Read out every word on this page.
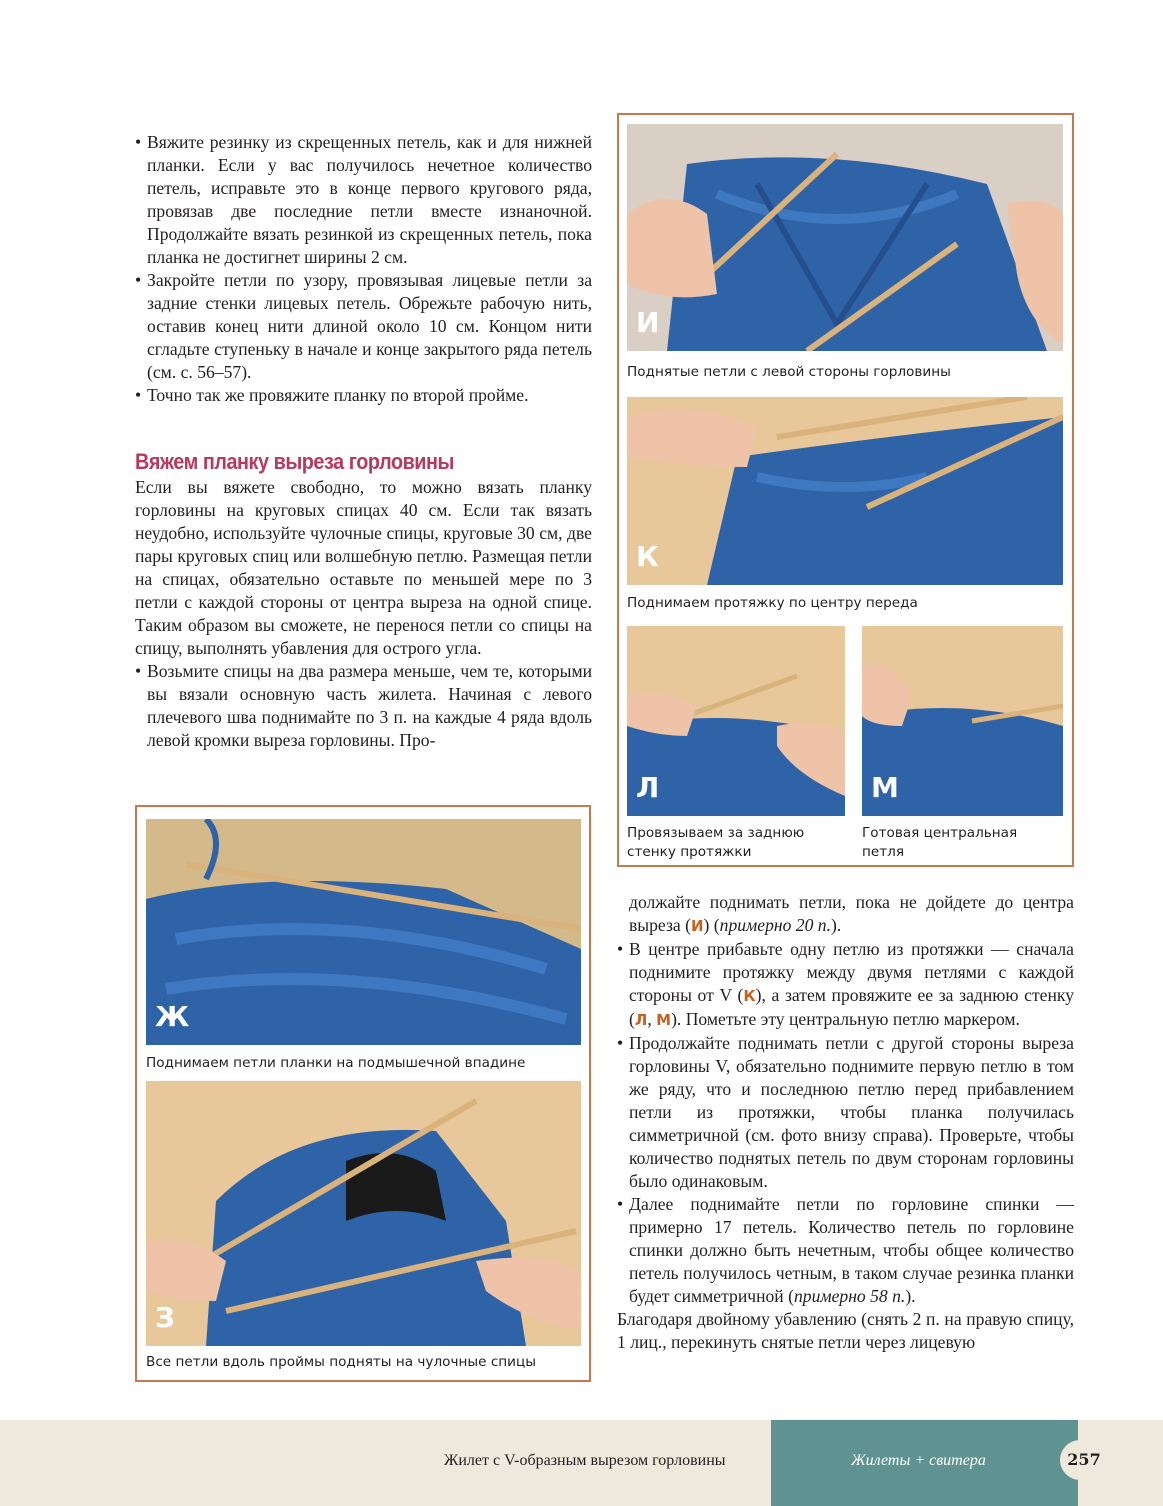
• Вяжите резинку из скрещенных петель, как и для нижней планки. Если у вас получилось нечетное количество петель, исправьте это в конце первого кругового ряда, провязав две последние петли вместе изнаночной. Продолжайте вязать резинкой из скрещенных петель, пока планка не достигнет ширины 2 см.

• Закройте петли по узору, провязывая лицевые петли за задние стенки лицевых петель. Обрежьте рабочую нить, оставив конец нити длиной около 10 см. Концом нити сгладьте ступеньку в начале и конце закрытого ряда петель (см. с. 56–57).

• Точно так же провяжите планку по второй пройме.

Вяжем планку выреза горловины

Если вы вяжете свободно, то можно вязать планку горловины на круговых спицах 40 см. Если так вязать неудобно, используйте чулочные спицы, круговые 30 см, две пары круговых спиц или волшебную петлю. Размещая петли на спицах, обязательно оставьте по меньшей мере по 3 петли с каждой стороны от центра выреза на одной спице. Таким образом вы сможете, не перенося петли со спицы на спицу, выполнять убавления для острого угла.

• Возьмите спицы на два размера меньше, чем те, которыми вы вязали основную часть жилета. Начиная с левого плечевого шва поднимайте по 3 п. на каждые 4 ряда вдоль левой кромки выреза горловины. Про-

И
Поднятые петли с левой стороны горловины
К
Поднимаем протяжку по центру переда
Л
Провязываем за заднюю стенку протяжки
М
Готовая центральная петля
Ж
Поднимаем петли планки на подмышечной впадине
З
Все петли вдоль проймы подняты на чулочные спицы

должайте поднимать петли, пока не дойдете до центра выреза (И) (примерно 20 п.).

• В центре прибавьте одну петлю из протяжки — сначала поднимите протяжку между двумя петлями с каждой стороны от V (К), а затем провяжите ее за заднюю стенку (Л, М). Пометьте эту центральную петлю маркером.

• Продолжайте поднимать петли с другой стороны выреза горловины V, обязательно поднимите первую петлю в том же ряду, что и последнюю петлю перед прибавлением петли из протяжки, чтобы планка получилась симметричной (см. фото внизу справа). Проверьте, чтобы количество поднятых петель по двум сторонам горловины было одинаковым.

• Далее поднимайте петли по горловине спинки — примерно 17 петель. Количество петель по горловине спинки должно быть нечетным, чтобы общее количество петель получилось четным, в таком случае резинка планки будет симметричной (примерно 58 п.).

Благодаря двойному убавлению (снять 2 п. на правую спицу, 1 лиц., перекинуть снятые петли через лицевую

Жилет с V-образным вырезом горловины	Жилеты + свитера	257
